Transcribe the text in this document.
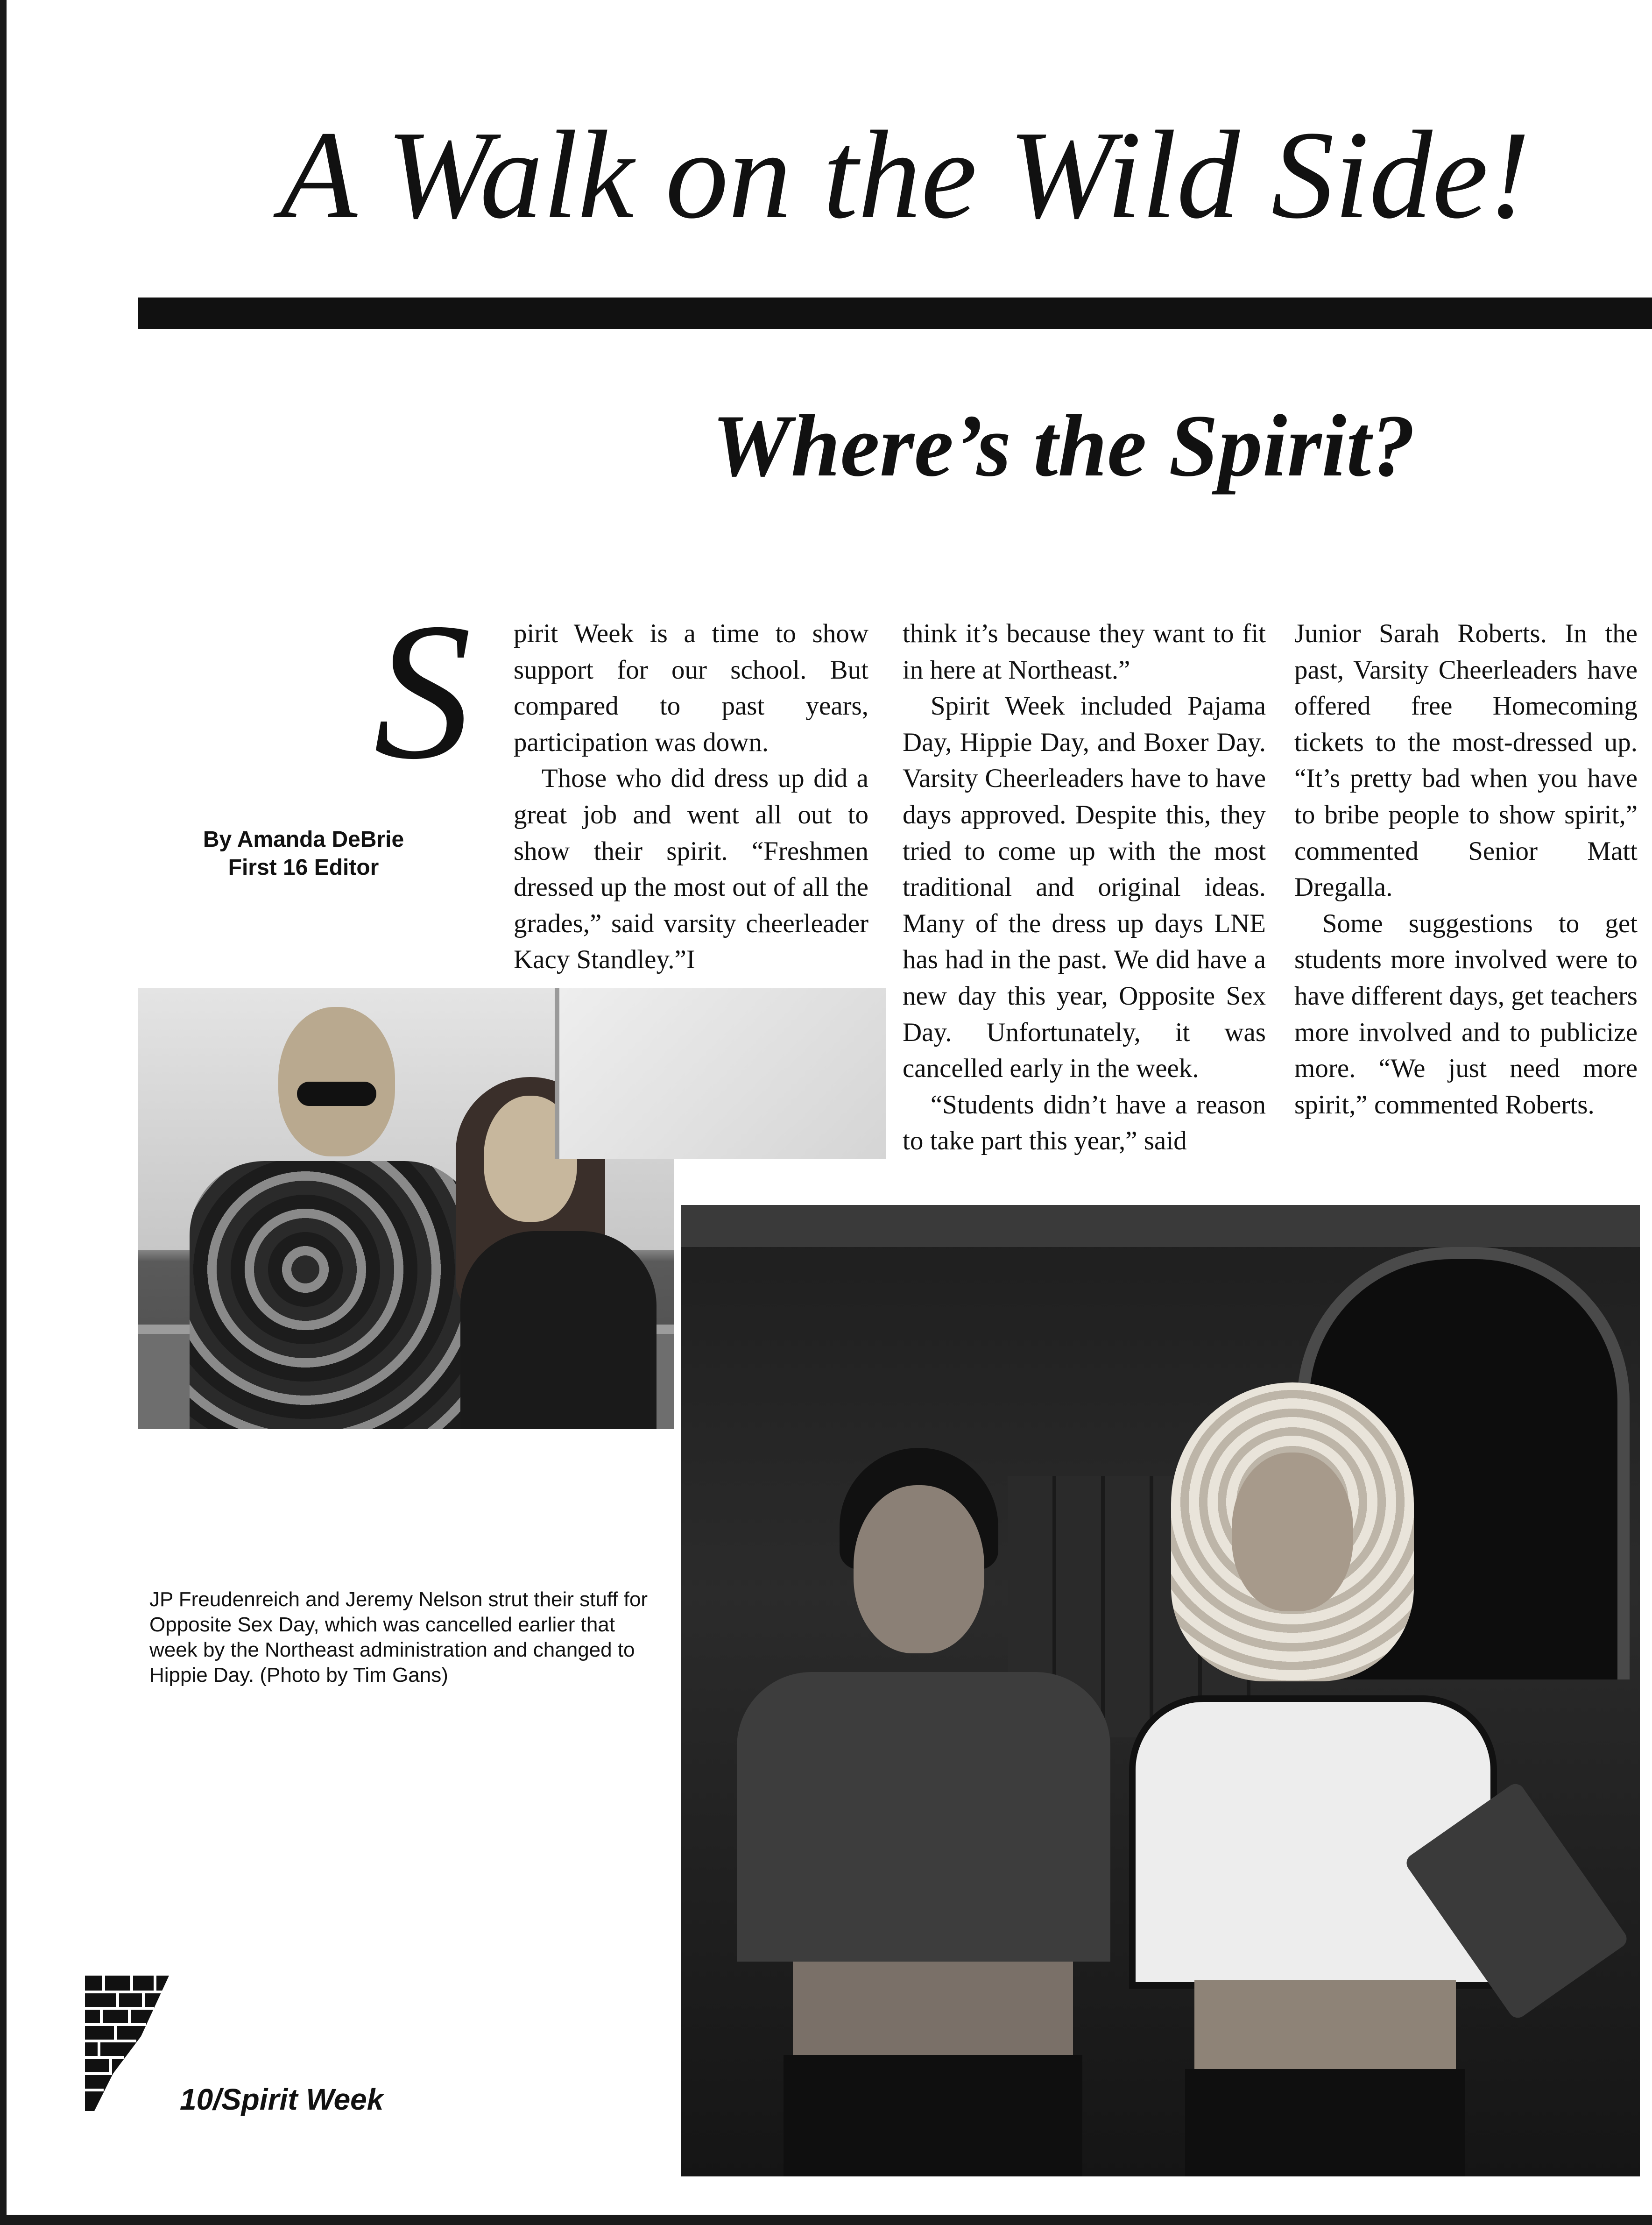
A Walk on the Wild Side!
Where’s the Spirit?
S
By Amanda DeBrie
First 16 Editor

pirit Week is a time to show support for our school. But compared to past years, participation was down.

Those who did dress up did a great job and went all out to show their spirit. “Freshmen dressed up the most out of all the grades,” said varsity cheerleader Kacy Standley.”I

think it’s because they want to fit in here at Northeast.”

Spirit Week included Pajama Day, Hippie Day, and Boxer Day. Varsity Cheerleaders have to have days approved. Despite this, they tried to come up with the most traditional and original ideas. Many of the dress up days LNE has had in the past. We did have a new day this year, Opposite Sex Day. Unfortunately, it was cancelled early in the week.

“Students didn’t have a reason to take part this year,” said

Junior Sarah Roberts. In the past, Varsity Cheerleaders have offered free Homecoming tickets to the most-dressed up. “It’s pretty bad when you have to bribe people to show spirit,” commented Senior Matt Dregalla.

Some suggestions to get students more involved were to have different days, get teachers more involved and to publicize more. “We just need more spirit,” commented Roberts.

JP Freudenreich and Jeremy Nelson strut their stuff for Opposite Sex Day, which was cancelled earlier that week by the Northeast administration and changed to Hippie Day. (Photo by Tim Gans)
10/Spirit Week
